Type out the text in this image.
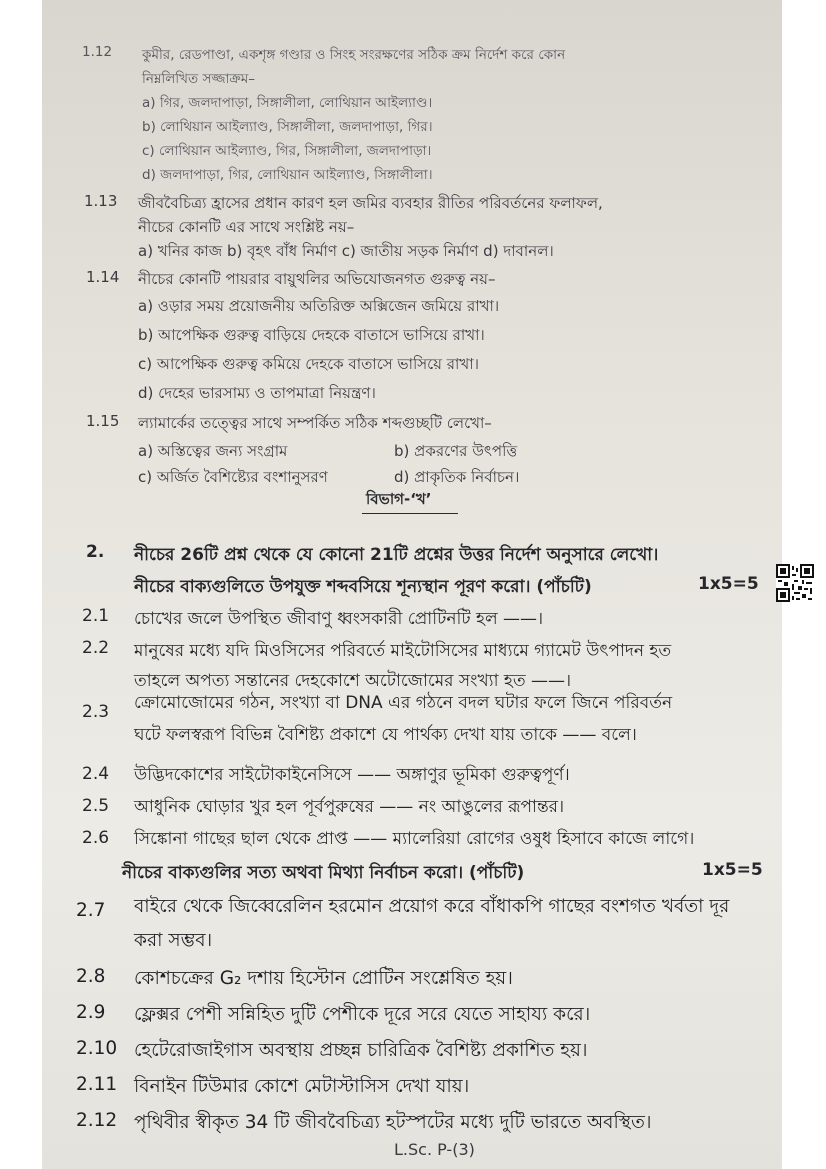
1.12 কুমীর, রেডপাণ্ডা, একশৃঙ্গ গণ্ডার ও সিংহ সংরক্ষণের সঠিক ক্রম নির্দেশ করে কোন
নিম্নলিখিত সজ্জাক্রম–
a) গির, জলদাপাড়া, সিঙ্গালীলা, লোথিয়ান আইল্যাণ্ড।
b) লোথিয়ান আইল্যাণ্ড, সিঙ্গালীলা, জলদাপাড়া, গির।
c) লোথিয়ান আইল্যাণ্ড, গির, সিঙ্গালীলা, জলদাপাড়া।
d) জলদাপাড়া, গির, লোথিয়ান আইল্যাণ্ড, সিঙ্গালীলা।
1.13 জীববৈচিত্র্য হ্রাসের প্রধান কারণ হল জমির ব্যবহার রীতির পরিবর্তনের ফলাফল,
নীচের কোনটি এর সাথে সংশ্লিষ্ট নয়–
a) খনির কাজ b) বৃহৎ বাঁধ নির্মাণ c) জাতীয় সড়ক নির্মাণ d) দাবানল।
1.14 নীচের কোনটি পায়রার বায়ুথলির অভিযোজনগত গুরুত্ব নয়–
a) ওড়ার সময় প্রয়োজনীয় অতিরিক্ত অক্সিজেন জমিয়ে রাখা।
b) আপেক্ষিক গুরুত্ব বাড়িয়ে দেহকে বাতাসে ভাসিয়ে রাখা।
c) আপেক্ষিক গুরুত্ব কমিয়ে দেহকে বাতাসে ভাসিয়ে রাখা।
d) দেহের ভারসাম্য ও তাপমাত্রা নিয়ন্ত্রণ।
1.15 ল্যামার্কের তত্ত্বের সাথে সম্পর্কিত সঠিক শব্দগুচ্ছটি লেখো–
a) অস্তিত্বের জন্য সংগ্রাম	b) প্রকরণের উৎপত্তি
c) অর্জিত বৈশিষ্ট্যের বংশানুসরণ	d) প্রাকৃতিক নির্বাচন।
বিভাগ-‘খ’
2. নীচের 26টি প্রশ্ন থেকে যে কোনো 21টি প্রশ্নের উত্তর নির্দেশ অনুসারে লেখো।
নীচের বাক্যগুলিতে উপযুক্ত শব্দবসিয়ে শূন্যস্থান পূরণ করো। (পাঁচটি)	1x5=5
2.1 চোখের জলে উপস্থিত জীবাণু ধ্বংসকারী প্রোটিনটি হল ——।
2.2 মানুষের মধ্যে যদি মিওসিসের পরিবর্তে মাইটোসিসের মাধ্যমে গ্যামেট উৎপাদন হত
তাহলে অপত্য সন্তানের দেহকোশে অটোজোমের সংখ্যা হত ——।
2.3 ক্রোমোজোমের গঠন, সংখ্যা বা DNA এর গঠনে বদল ঘটার ফলে জিনে পরিবর্তন
ঘটে ফলস্বরূপ বিভিন্ন বৈশিষ্ট্য প্রকাশে যে পার্থক্য দেখা যায় তাকে —— বলে।
2.4 উদ্ভিদকোশের সাইটোকাইনেসিসে —— অঙ্গাণুর ভূমিকা গুরুত্বপূর্ণ।
2.5 আধুনিক ঘোড়ার খুর হল পূর্বপুরুষের —— নং আঙুলের রূপান্তর।
2.6 সিঙ্কোনা গাছের ছাল থেকে প্রাপ্ত —— ম্যালেরিয়া রোগের ওষুধ হিসাবে কাজে লাগে।
নীচের বাক্যগুলির সত্য অথবা মিথ্যা নির্বাচন করো। (পাঁচটি)	1x5=5
2.7 বাইরে থেকে জিব্বেরেলিন হরমোন প্রয়োগ করে বাঁধাকপি গাছের বংশগত খর্বতা দূর
করা সম্ভব।
2.8 কোশচক্রের G₂ দশায় হিস্টোন প্রোটিন সংশ্লেষিত হয়।
2.9 ফ্লেক্সর পেশী সন্নিহিত দুটি পেশীকে দূরে সরে যেতে সাহায্য করে।
2.10 হেটেরোজাইগাস অবস্থায় প্রচ্ছন্ন চারিত্রিক বৈশিষ্ট্য প্রকাশিত হয়।
2.11 বিনাইন টিউমার কোশে মেটাস্টাসিস দেখা যায়।
2.12 পৃথিবীর স্বীকৃত 34 টি জীববৈচিত্র্য হটস্পটের মধ্যে দুটি ভারতে অবস্থিত।
L.Sc. P-(3)
